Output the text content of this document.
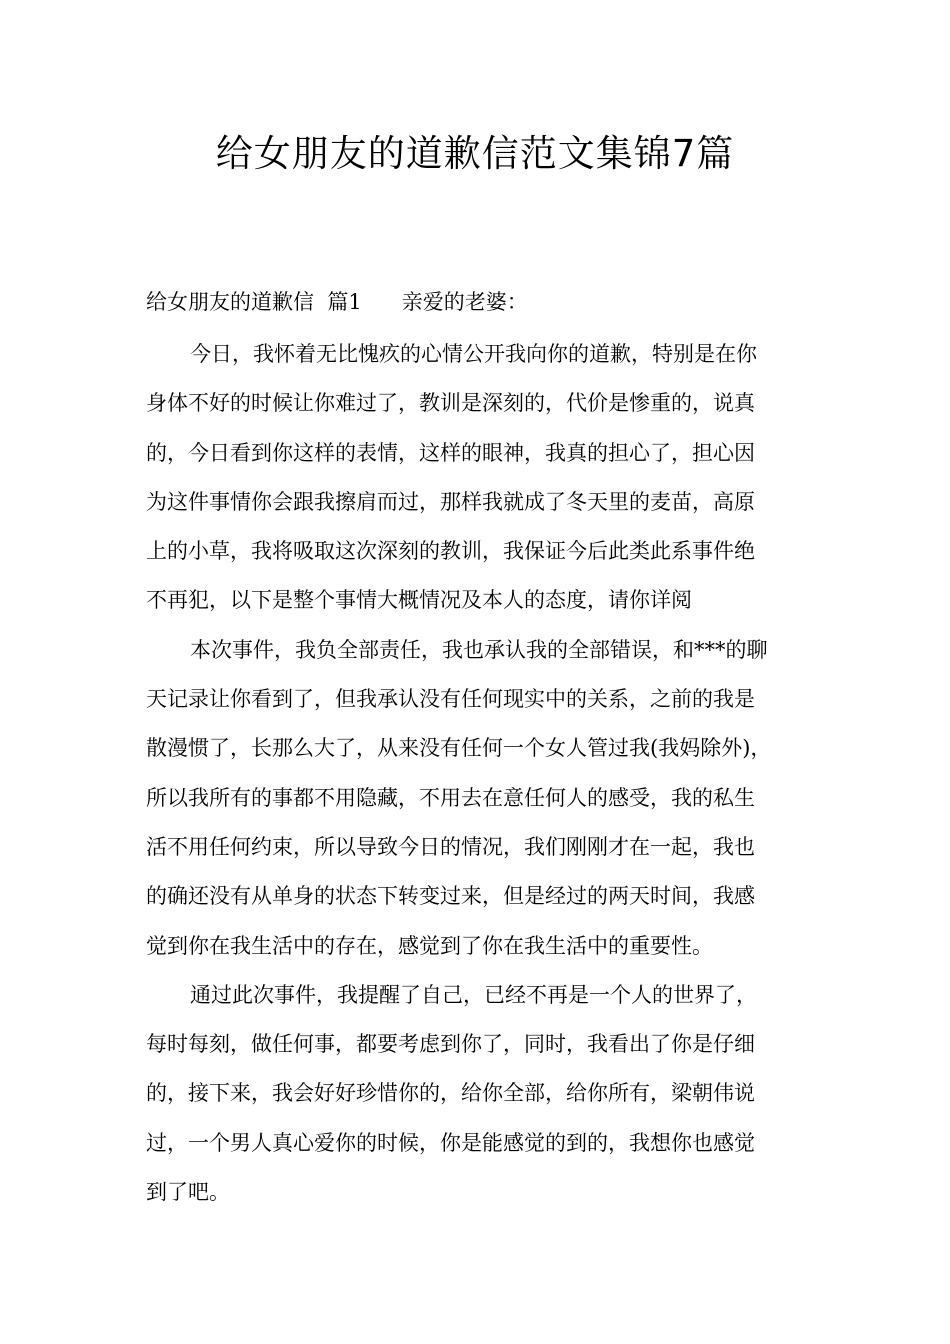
给女朋友的道歉信范文集锦7篇
给女朋友的道歉信  篇1 亲爱的老婆：
今日，我怀着无比愧疚的心情公开我向你的道歉，特别是在你
身体不好的时候让你难过了，教训是深刻的，代价是惨重的，说真
的，今日看到你这样的表情，这样的眼神，我真的担心了，担心因
为这件事情你会跟我擦肩而过，那样我就成了冬天里的麦苗，高原
上的小草，我将吸取这次深刻的教训，我保证今后此类此系事件绝
不再犯，以下是整个事情大概情况及本人的态度，请你详阅
本次事件，我负全部责任，我也承认我的全部错误，和***的聊
天记录让你看到了，但我承认没有任何现实中的关系，之前的我是
散漫惯了，长那么大了，从来没有任何一个女人管过我(我妈除外)，
所以我所有的事都不用隐藏，不用去在意任何人的感受，我的私生
活不用任何约束，所以导致今日的情况，我们刚刚才在一起，我也
的确还没有从单身的状态下转变过来，但是经过的两天时间，我感
觉到你在我生活中的存在，感觉到了你在我生活中的重要性。
通过此次事件，我提醒了自己，已经不再是一个人的世界了，
每时每刻，做任何事，都要考虑到你了，同时，我看出了你是仔细
的，接下来，我会好好珍惜你的，给你全部，给你所有，梁朝伟说
过，一个男人真心爱你的时候，你是能感觉的到的，我想你也感觉
到了吧。
